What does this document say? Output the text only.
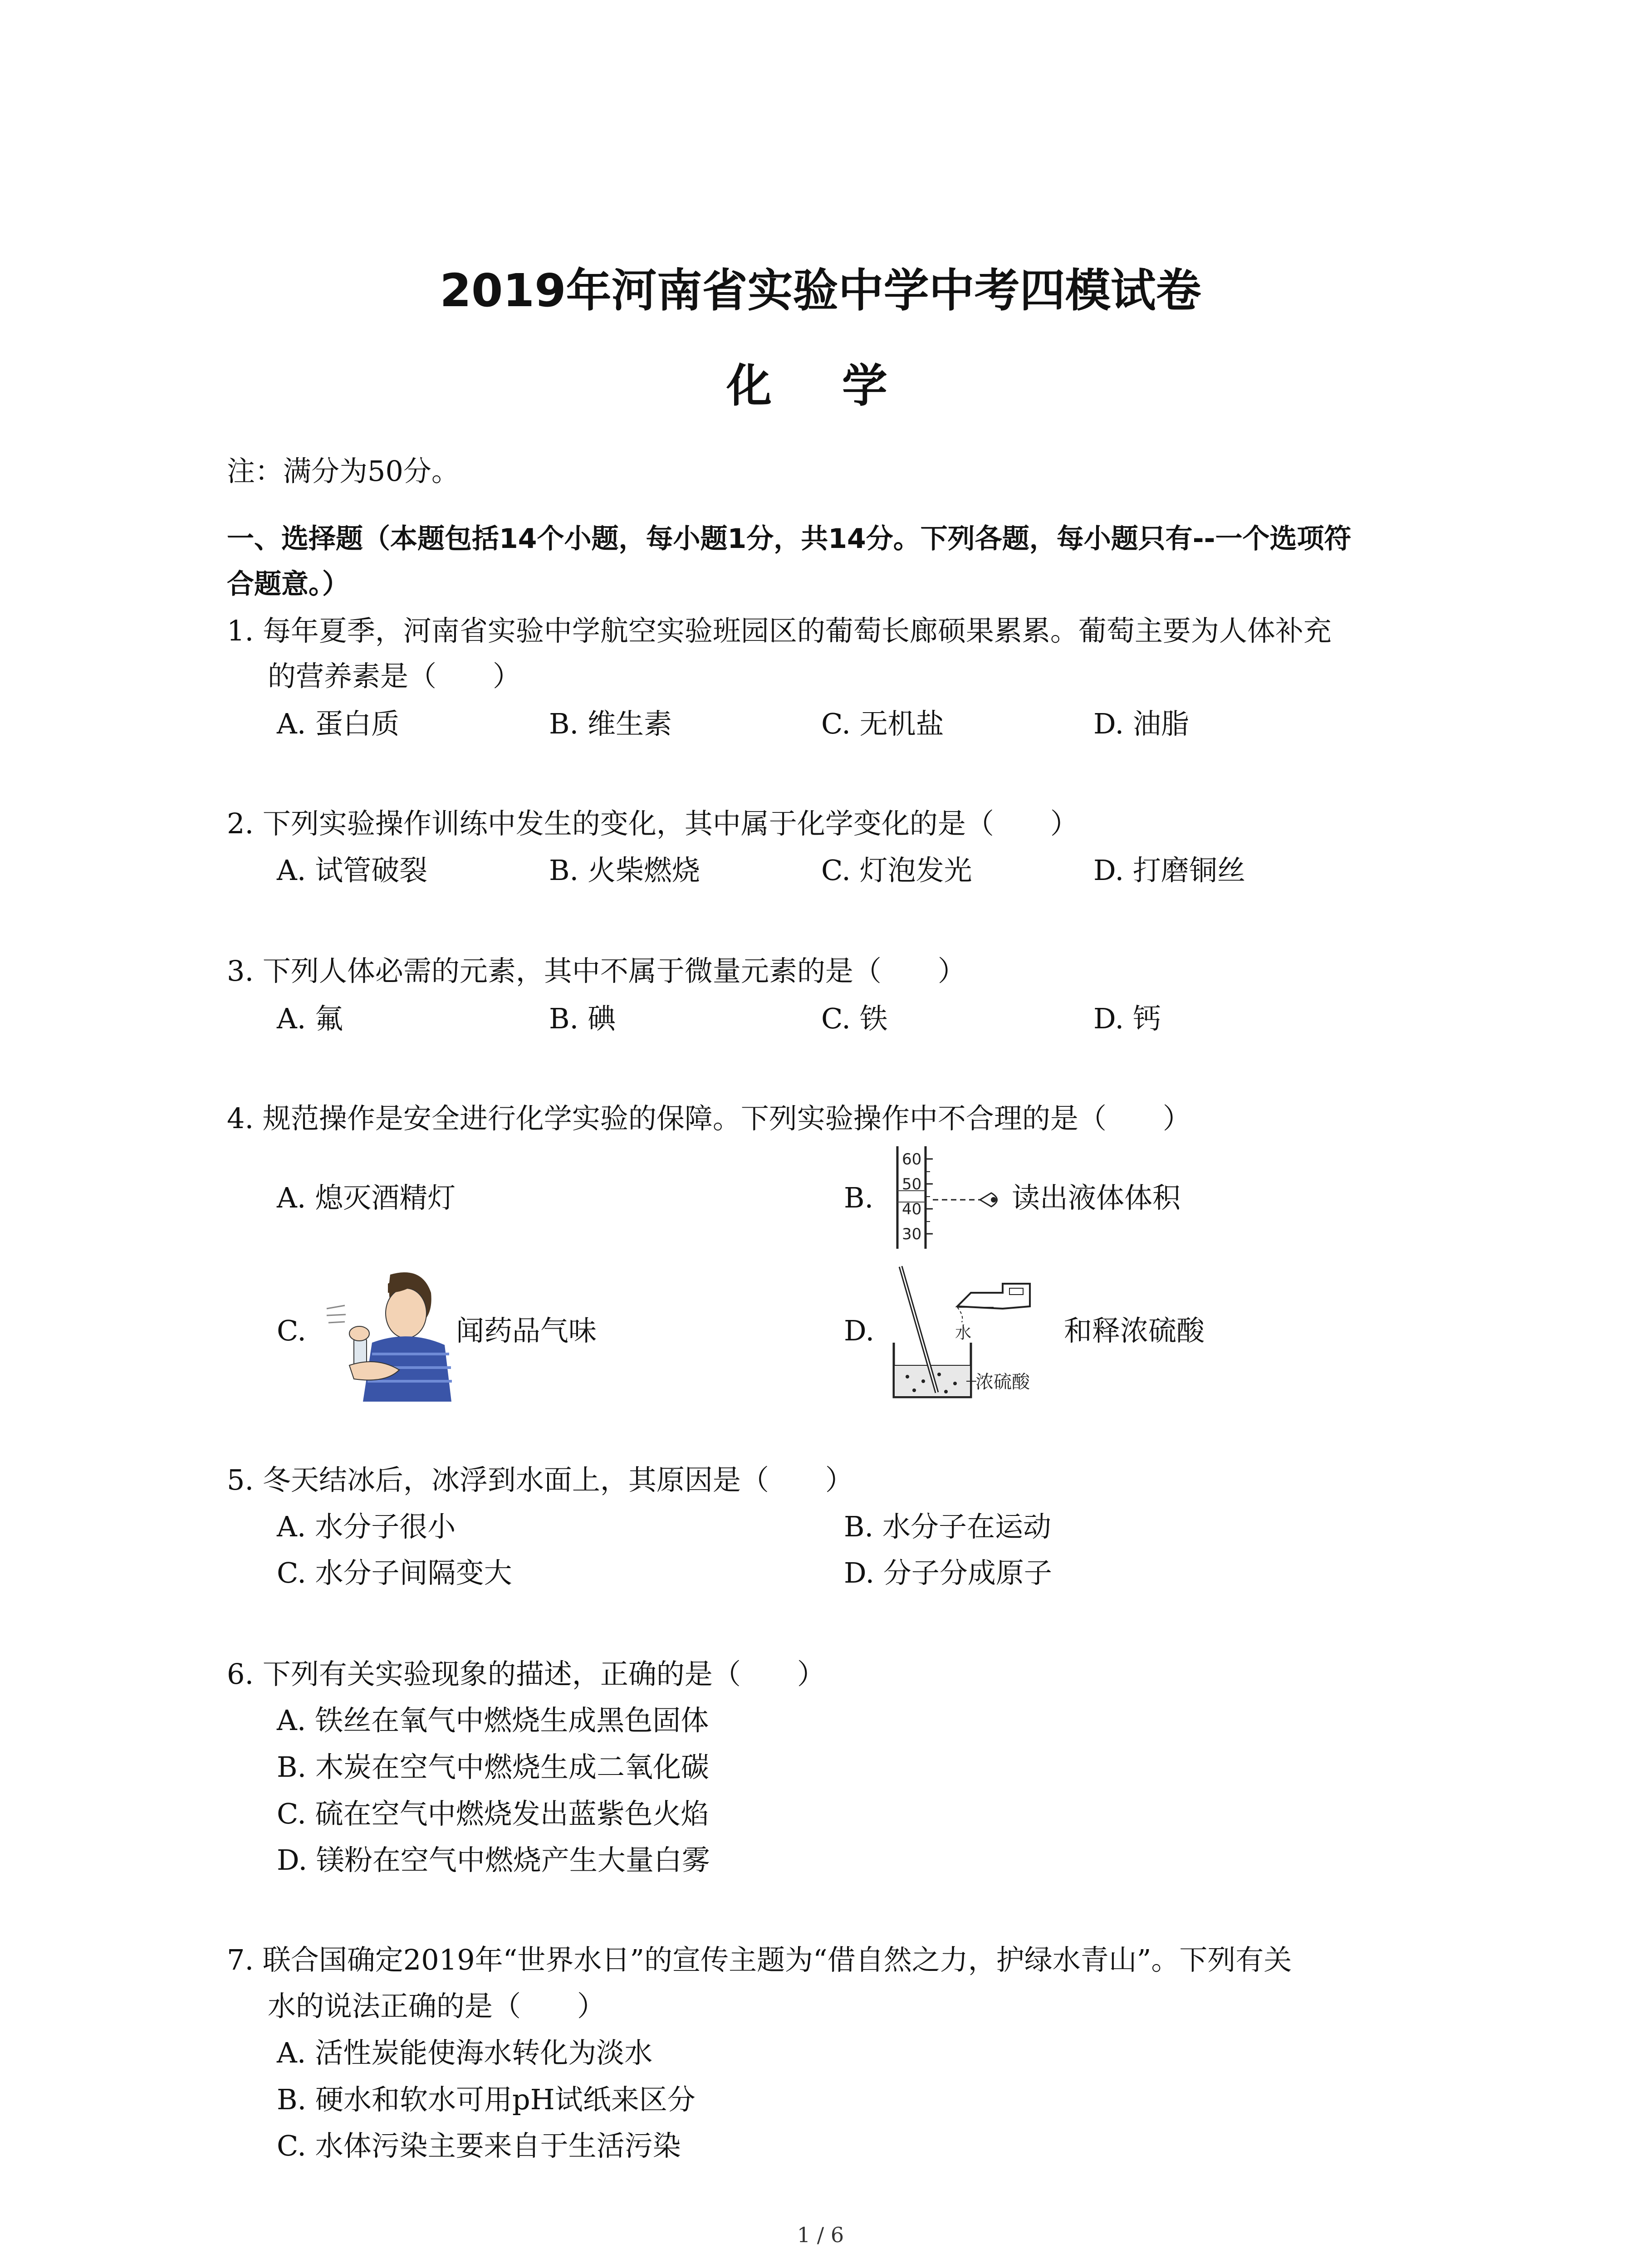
2019年河南省实验中学中考四模试卷
化 学
注：满分为50分。
一、选择题（本题包括14个小题，每小题1分，共14分。下列各题，每小题只有--一个选项符
合题意。）
1. 每年夏季，河南省实验中学航空实验班园区的葡萄长廊硕果累累。葡萄主要为人体补充
的营养素是（　　）
A. 蛋白质	B. 维生素	C. 无机盐	D. 油脂
2. 下列实验操作训练中发生的变化，其中属于化学变化的是（　　）
A. 试管破裂	B. 火柴燃烧	C. 灯泡发光	D. 打磨铜丝
3. 下列人体必需的元素，其中不属于微量元素的是（　　）
A. 氟	B. 碘	C. 铁	D. 钙
4. 规范操作是安全进行化学实验的保障。下列实验操作中不合理的是（　　）
A. 熄灭酒精灯	B.	读出液体体积
C.	闻药品气味	D.	和释浓硫酸
60
50
40
30
水
浓硫酸
5. 冬天结冰后，冰浮到水面上，其原因是（　　）
A. 水分子很小	B. 水分子在运动
C. 水分子间隔变大	D. 分子分成原子
6. 下列有关实验现象的描述，正确的是（　　）
A. 铁丝在氧气中燃烧生成黑色固体
B. 木炭在空气中燃烧生成二氧化碳
C. 硫在空气中燃烧发出蓝紫色火焰
D. 镁粉在空气中燃烧产生大量白雾
7. 联合国确定2019年“世界水日”的宣传主题为“借自然之力，护绿水青山”。下列有关
水的说法正确的是（　　）
A. 活性炭能使海水转化为淡水
B. 硬水和软水可用pH试纸来区分
C. 水体污染主要来自于生活污染
1 / 6
